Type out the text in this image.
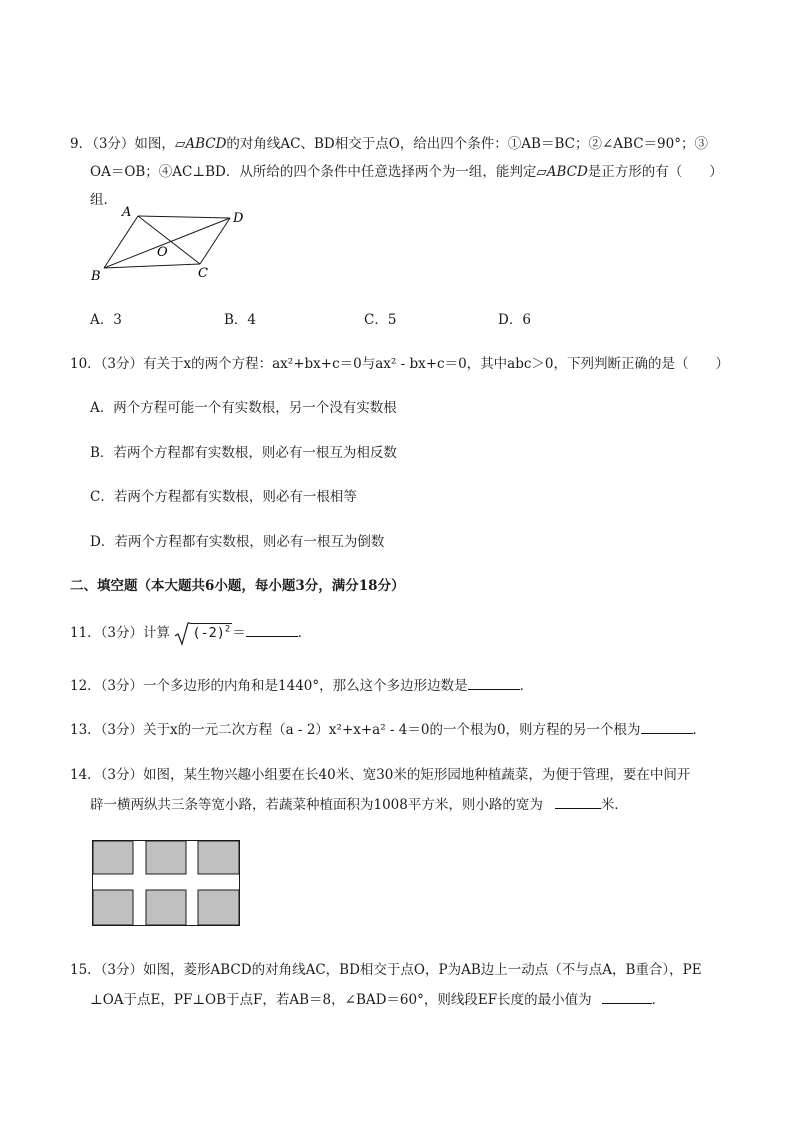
9．（3分）如图，▱ABCD的对角线AC、BD相交于点O，给出四个条件：①AB＝BC；②∠ABC＝90°；③
OA＝OB；④AC⊥BD．从所给的四个条件中任意选择两个为一组，能判定▱ABCD是正方形的有（　　）
组．
A	D
B	C
O
A．3	B．4	C．5	D．6
10．（3分）有关于x的两个方程：ax²+bx+c＝0与ax² - bx+c＝0，其中abc＞0，下列判断正确的是（　　）
A．两个方程可能一个有实数根，另一个没有实数根
B．若两个方程都有实数根，则必有一根互为相反数
C．若两个方程都有实数根，则必有一根相等
D．若两个方程都有实数根，则必有一根互为倒数
二、填空题（本大题共6小题，每小题3分，满分18分）
11．（3分）计算 $(-2)^2$ ＝	．
12．（3分）一个多边形的内角和是1440°，那么这个多边形边数是	．
13．（3分）关于x的一元二次方程（a - 2）x²+x+a² - 4＝0的一个根为0，则方程的另一个根为	．
14．（3分）如图，某生物兴趣小组要在长40米、宽30米的矩形园地种植蔬菜，为便于管理，要在中间开
辟一横两纵共三条等宽小路，若蔬菜种植面积为1008平方米，则小路的宽为	米．
15．（3分）如图，菱形ABCD的对角线AC，BD相交于点O，P为AB边上一动点（不与点A，B重合），PE
⊥OA于点E，PF⊥OB于点F，若AB＝8，∠BAD＝60°，则线段EF长度的最小值为	．
